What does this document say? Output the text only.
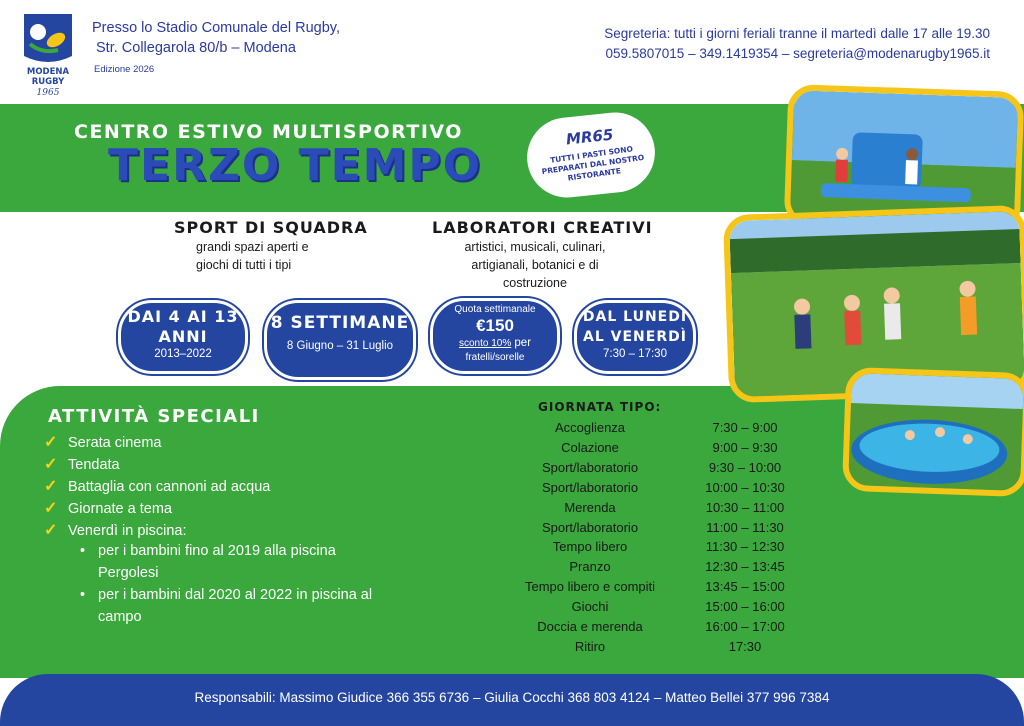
MODENA
RUGBY
1965
Presso lo Stadio Comunale del Rugby,
Str. Collegarola 80/b – Modena
Edizione 2026
Segreteria: tutti i giorni feriali tranne il martedì dalle 17 alle 19.30
059.5807015 – 349.1419354 – segreteria@modenarugby1965.it
CENTRO ESTIVO MULTISPORTIVO
TERZO TEMPO
MR65
TUTTI I PASTI SONO PREPARATI DAL NOSTRO RISTORANTE
SPORT DI SQUADRA
grandi spazi aperti e
giochi di tutti i tipi
LABORATORI CREATIVI
artistici, musicali, culinari,
artigianali, botanici e di
costruzione
DAI 4 AI 13
ANNI
2013–2022
8 SETTIMANE
8 Giugno – 31 Luglio
Quota settimanale
€150
sconto 10% per
fratelli/sorelle
DAL LUNEDÌ
AL VENERDÌ
7:30 – 17:30
ATTIVITÀ SPECIALI
✓ Serata cinema
✓ Tendata
✓ Battaglia con cannoni ad acqua
✓ Giornate a tema
✓ Venerdì in piscina:
• per i bambini fino al 2019 alla piscina Pergolesi
• per i bambini dal 2020 al 2022 in piscina al campo
GIORNATA TIPO:
Accoglienza	7:30 – 9:00
Colazione	9:00 – 9:30
Sport/laboratorio	9:30 – 10:00
Sport/laboratorio	10:00 – 10:30
Merenda	10:30 – 11:00
Sport/laboratorio	11:00 – 11:30
Tempo libero	11:30 – 12:30
Pranzo	12:30 – 13:45
Tempo libero e compiti	13:45 – 15:00
Giochi	15:00 – 16:00
Doccia e merenda	16:00 – 17:00
Ritiro	17:30
Responsabili: Massimo Giudice 366 355 6736 – Giulia Cocchi 368 803 4124 – Matteo Bellei 377 996 7384
